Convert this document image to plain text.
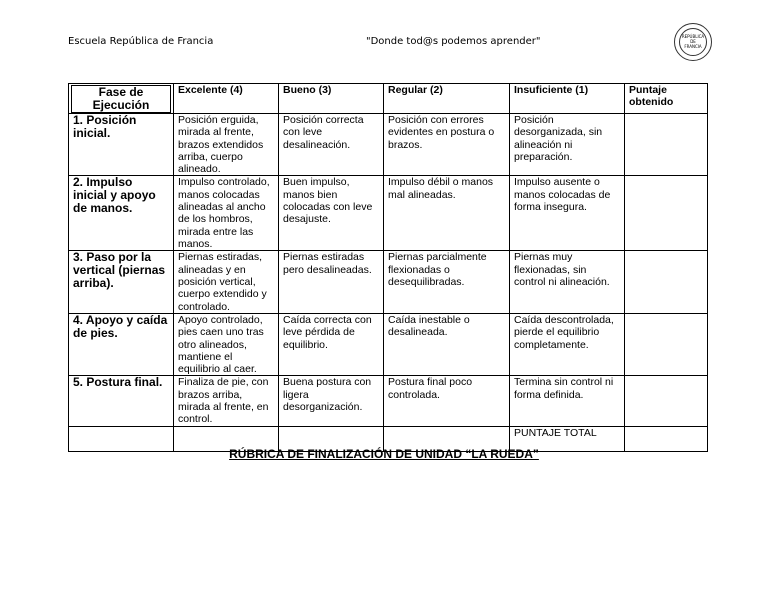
Escuela República de Francia	"Donde tod@s podemos aprender"	REPÚBLICA
DE
FRANCIA
Fase de Ejecución	Excelente (4)	Bueno (3)	Regular (2)	Insuficiente (1)	Puntaje obtenido
1. Posición inicial.	Posición erguida, mirada al frente, brazos extendidos arriba, cuerpo alineado.	Posición correcta con leve desalineación.	Posición con errores evidentes en postura o brazos.	Posición desorganizada, sin alineación ni preparación.	
2. Impulso inicial y apoyo de manos.	Impulso controlado, manos colocadas alineadas al ancho de los hombros, mirada entre las manos.	Buen impulso, manos bien colocadas con leve desajuste.	Impulso débil o manos mal alineadas.	Impulso ausente o manos colocadas de forma insegura.	
3. Paso por la vertical (piernas arriba).	Piernas estiradas, alineadas y en posición vertical, cuerpo extendido y controlado.	Piernas estiradas pero desalineadas.	Piernas parcialmente flexionadas o desequilibradas.	Piernas muy flexionadas, sin control ni alineación.	
4. Apoyo y caída de pies.	Apoyo controlado, pies caen uno tras otro alineados, mantiene el equilibrio al caer.	Caída correcta con leve pérdida de equilibrio.	Caída inestable o desalineada.	Caída descontrolada, pierde el equilibrio completamente.	
5. Postura final.	Finaliza de pie, con brazos arriba, mirada al frente, en control.	Buena postura con ligera desorganización.	Postura final poco controlada.	Termina sin control ni forma definida.	
				PUNTAJE TOTAL	
RÚBRICA DE FINALIZACIÓN DE UNIDAD “LA RUEDA”
